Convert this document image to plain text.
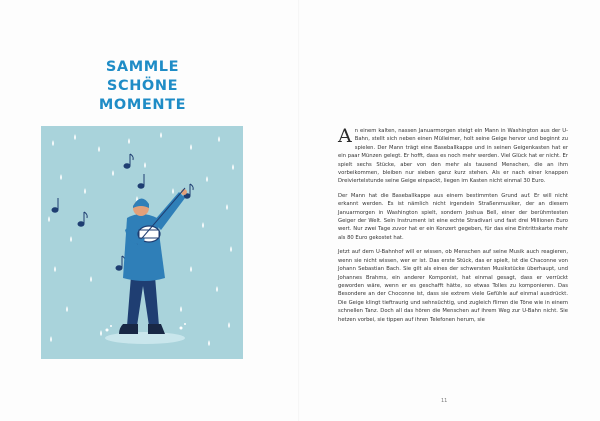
SAMMLE
SCHÖNE MOMENTE

An einem kalten, nassen Januarmorgen steigt ein Mann in Washington aus der U-Bahn, stellt sich neben einen Mülleimer, holt seine Geige hervor und beginnt zu spielen. Der Mann trägt eine Baseballkappe und in seinen Geigenkasten hat er ein paar Münzen gelegt. Er hofft, dass es noch mehr werden. Viel Glück hat er nicht. Er spielt sechs Stücke, aber von den mehr als tausend Menschen, die an ihm vorbeikommen, bleiben nur sieben ganz kurz stehen. Als er nach einer knappen Dreiviertelstunde seine Geige einpackt, liegen im Kasten nicht einmal 30 Euro.

Der Mann hat die Baseballkappe aus einem bestimmten Grund auf. Er will nicht erkannt werden. Es ist nämlich nicht irgendein Straßenmusiker, der an diesem Januarmorgen in Washington spielt, sondern Joshua Bell, einer der berühmtesten Geiger der Welt. Sein Instrument ist eine echte Stradivari und fast drei Millionen Euro wert. Nur zwei Tage zuvor hat er ein Konzert gegeben, für das eine Eintrittskarte mehr als 80 Euro gekostet hat.

Jetzt auf dem U-Bahnhof will er wissen, ob Menschen auf seine Musik auch reagieren, wenn sie nicht wissen, wer er ist. Das erste Stück, das er spielt, ist die Chaconne von Johann Sebastian Bach. Sie gilt als eines der schwersten Musikstücke überhaupt, und Johannes Brahms, ein anderer Komponist, hat einmal gesagt, dass er verrückt geworden wäre, wenn er es geschafft hätte, so etwas Tolles zu komponieren. Das Besondere an der Choconne ist, dass sie extrem viele Gefühle auf einmal ausdrückt. Die Geige klingt tieftraurig und sehnsüchtig, und zugleich flirren die Töne wie in einem schnellen Tanz. Doch all das hören die Menschen auf ihrem Weg zur U-Bahn nicht. Sie hetzen vorbei, sie tippen auf ihren Telefonen herum, sie

11
